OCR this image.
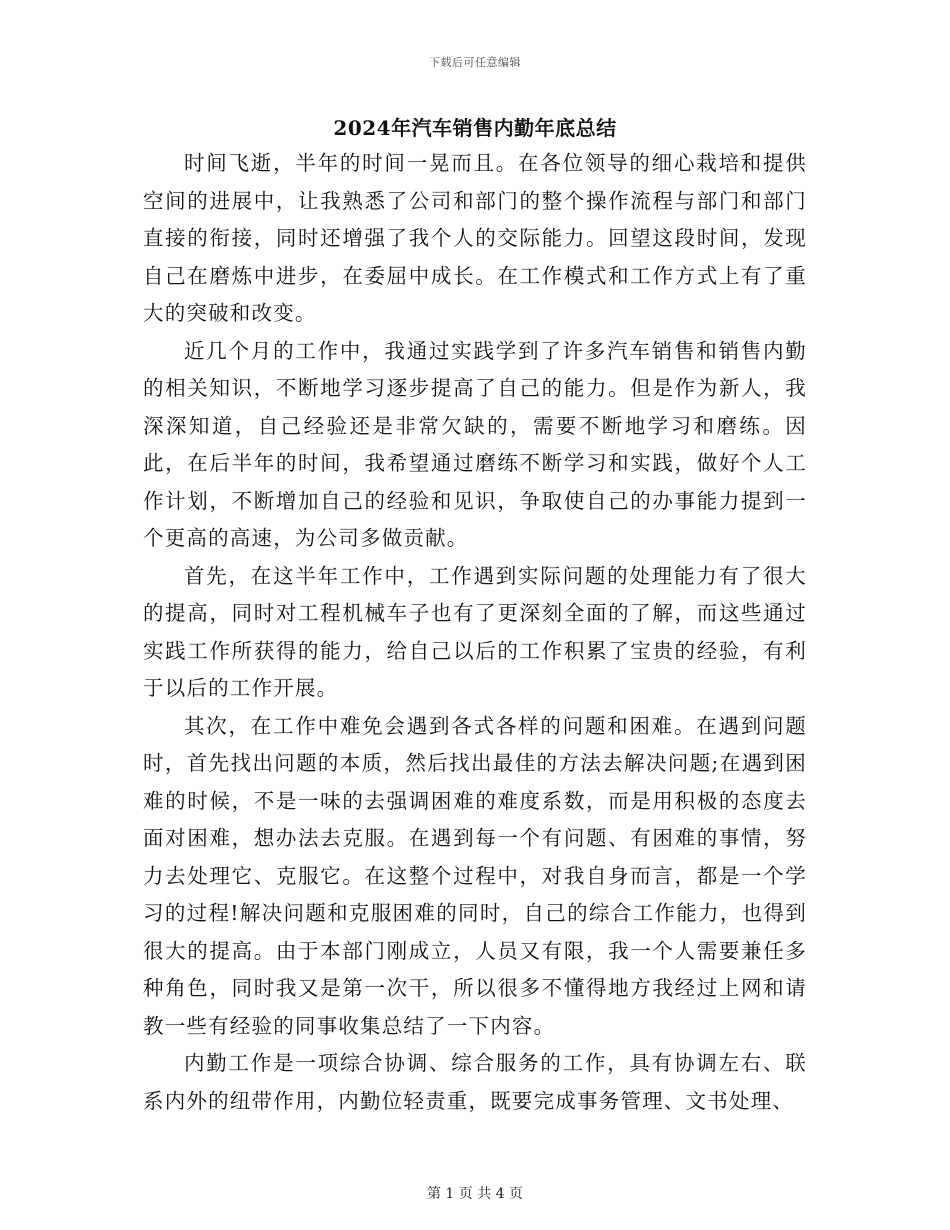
下载后可任意编辑
2024年汽车销售内勤年底总结

时间飞逝，半年的时间一晃而且。在各位领导的细心栽培和提供空间的进展中，让我熟悉了公司和部门的整个操作流程与部门和部门直接的衔接，同时还增强了我个人的交际能力。回望这段时间，发现自己在磨炼中进步，在委屈中成长。在工作模式和工作方式上有了重大的突破和改变。

近几个月的工作中，我通过实践学到了许多汽车销售和销售内勤的相关知识，不断地学习逐步提高了自己的能力。但是作为新人，我深深知道，自己经验还是非常欠缺的，需要不断地学习和磨练。因此，在后半年的时间，我希望通过磨练不断学习和实践，做好个人工作计划，不断增加自己的经验和见识，争取使自己的办事能力提到一个更高的高速，为公司多做贡献。

首先，在这半年工作中，工作遇到实际问题的处理能力有了很大的提高，同时对工程机械车子也有了更深刻全面的了解，而这些通过实践工作所获得的能力，给自己以后的工作积累了宝贵的经验，有利于以后的工作开展。

其次，在工作中难免会遇到各式各样的问题和困难。在遇到问题时，首先找出问题的本质，然后找出最佳的方法去解决问题;在遇到困难的时候，不是一味的去强调困难的难度系数，而是用积极的态度去面对困难，想办法去克服。在遇到每一个有问题、有困难的事情，努力去处理它、克服它。在这整个过程中，对我自身而言，都是一个学习的过程!解决问题和克服困难的同时，自己的综合工作能力，也得到很大的提高。由于本部门刚成立，人员又有限，我一个人需要兼任多种角色，同时我又是第一次干，所以很多不懂得地方我经过上网和请教一些有经验的同事收集总结了一下内容。

内勤工作是一项综合协调、综合服务的工作，具有协调左右、联系内外的纽带作用，内勤位轻责重，既要完成事务管理、文书处理、

第 1 页 共 4 页
